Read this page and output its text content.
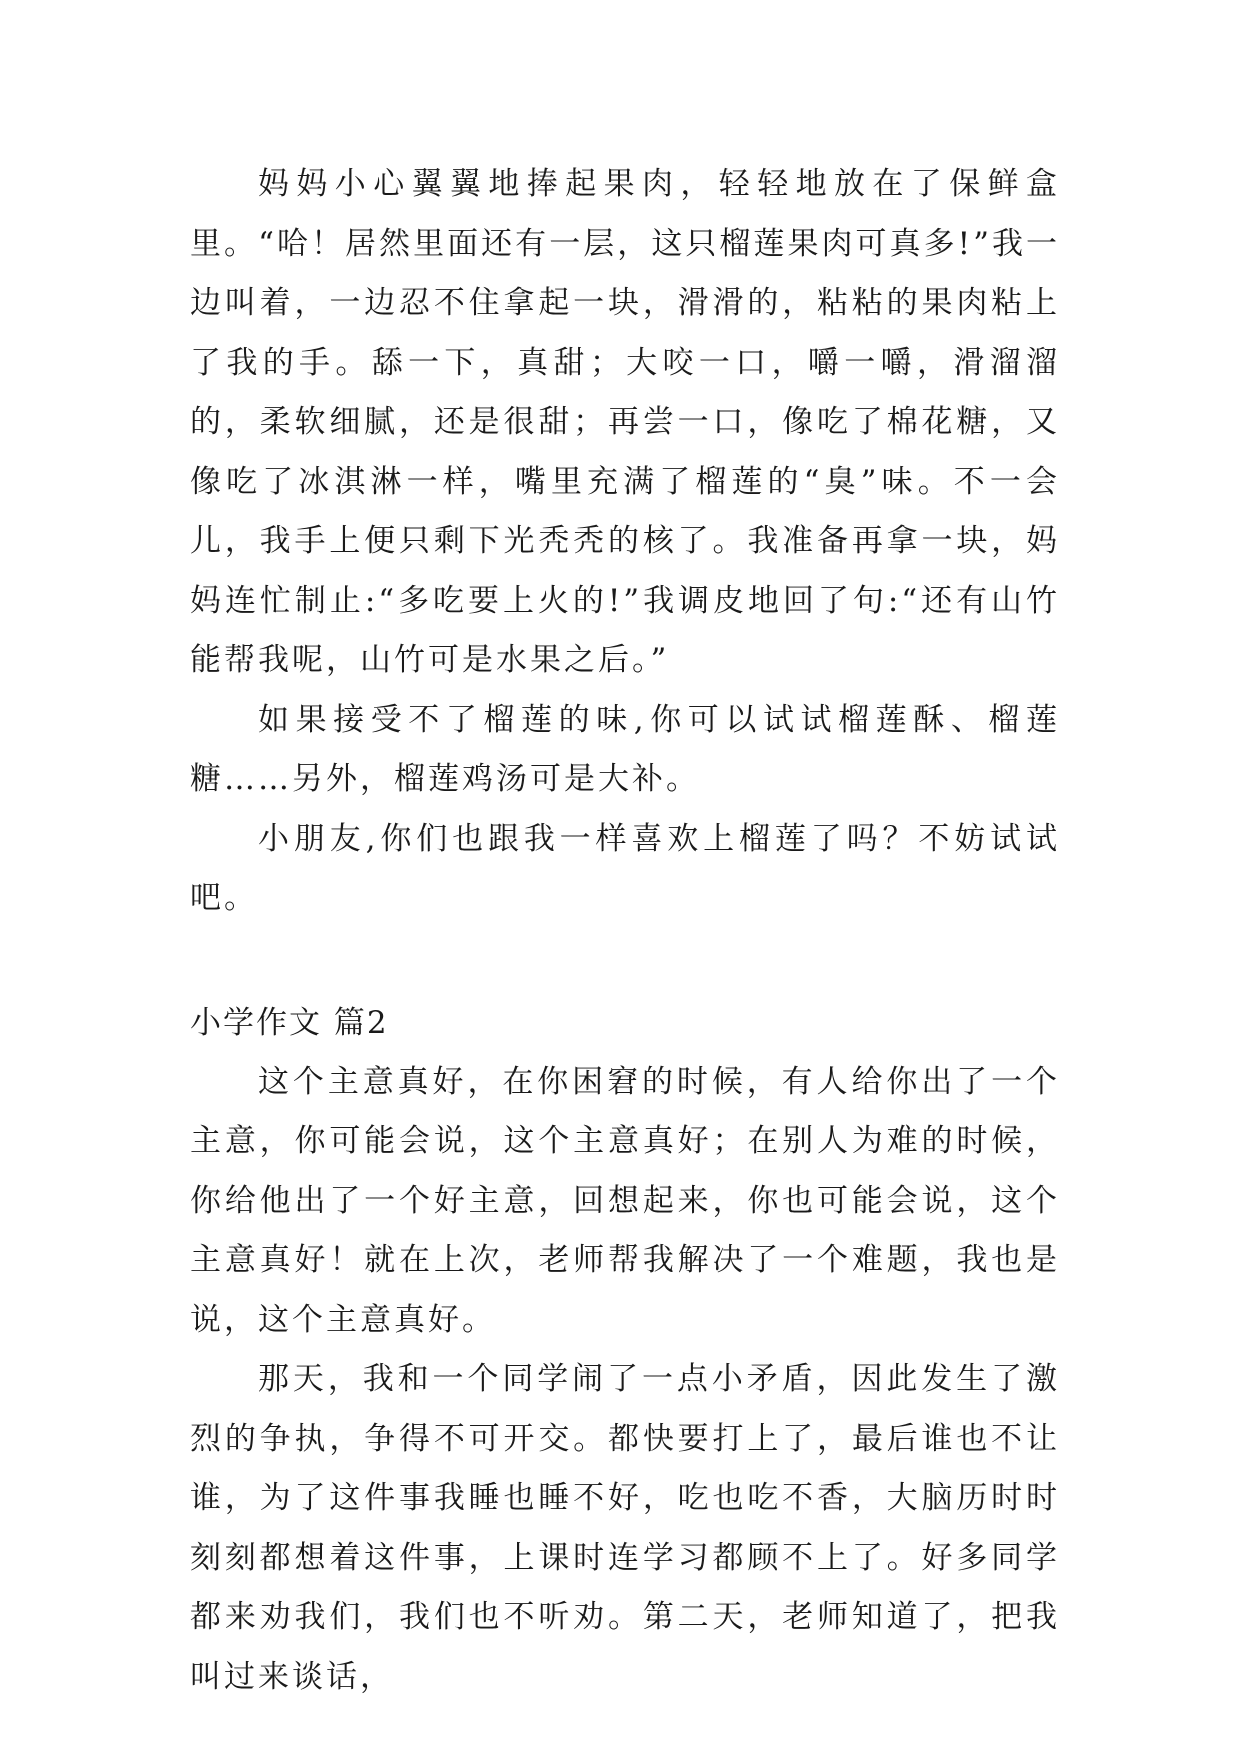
妈妈小心翼翼地捧起果肉，轻轻地放在了保鲜盒里。“哈！居然里面还有一层，这只榴莲果肉可真多!”我一边叫着，一边忍不住拿起一块，滑滑的，粘粘的果肉粘上了我的手。舔一下，真甜；大咬一口，嚼一嚼，滑溜溜的，柔软细腻，还是很甜；再尝一口，像吃了棉花糖，又像吃了冰淇淋一样，嘴里充满了榴莲的“臭”味。不一会儿，我手上便只剩下光秃秃的核了。我准备再拿一块，妈妈连忙制止:“多吃要上火的!”我调皮地回了句:“还有山竹能帮我呢，山竹可是水果之后。”

如果接受不了榴莲的味,你可以试试榴莲酥、榴莲糖……另外，榴莲鸡汤可是大补。

小朋友,你们也跟我一样喜欢上榴莲了吗？不妨试试吧。

小学作文 篇2

这个主意真好，在你困窘的时候，有人给你出了一个主意，你可能会说，这个主意真好；在别人为难的时候，你给他出了一个好主意，回想起来，你也可能会说，这个主意真好！就在上次，老师帮我解决了一个难题，我也是说，这个主意真好。

那天，我和一个同学闹了一点小矛盾，因此发生了激烈的争执，争得不可开交。都快要打上了，最后谁也不让谁，为了这件事我睡也睡不好，吃也吃不香，大脑历时时刻刻都想着这件事，上课时连学习都顾不上了。好多同学都来劝我们，我们也不听劝。第二天，老师知道了，把我叫过来谈话，
